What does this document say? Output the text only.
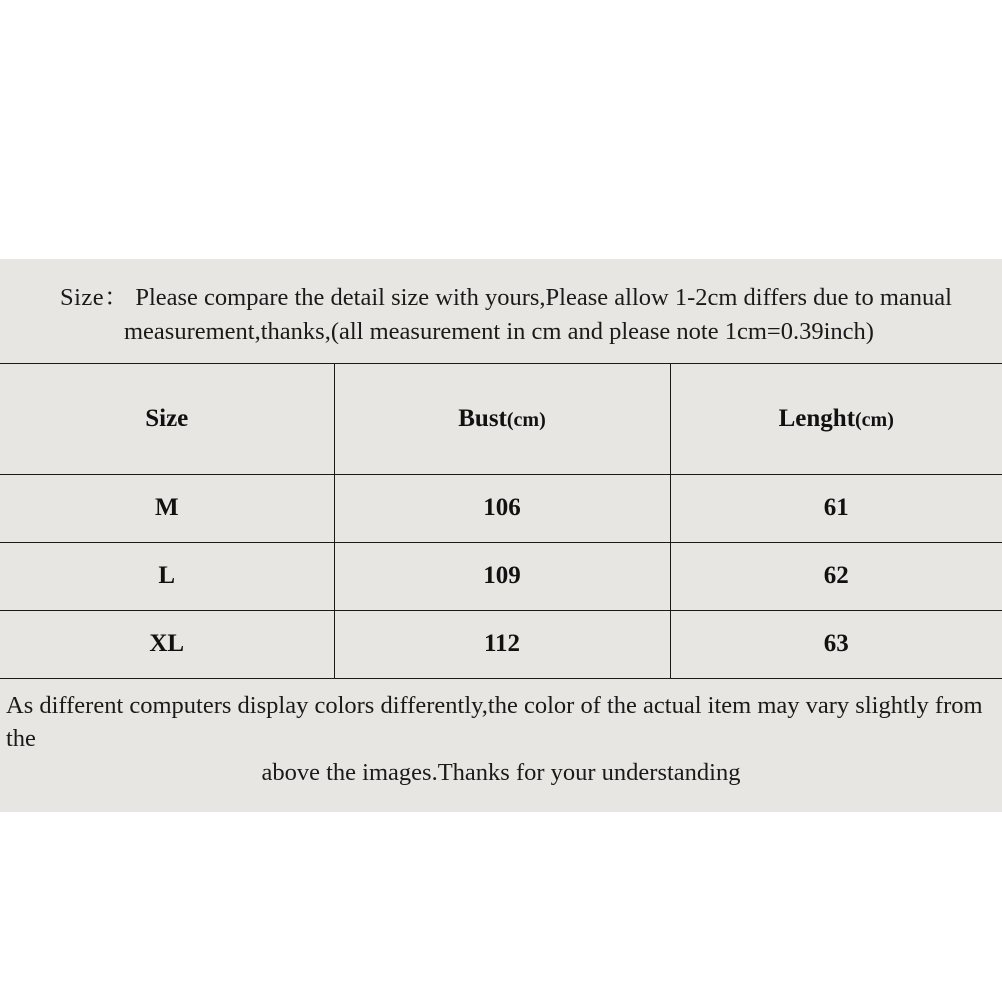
Size： Please compare the detail size with yours,Please allow 1-2cm differs due to manual
measurement,thanks,(all measurement in cm and please note 1cm=0.39inch)
Size	Bust(cm)	Lenght(cm)
M	106	61
L	109	62
XL	112	63
As different computers display colors differently,the color of the actual item may vary slightly from the
above the images.Thanks for your understanding
